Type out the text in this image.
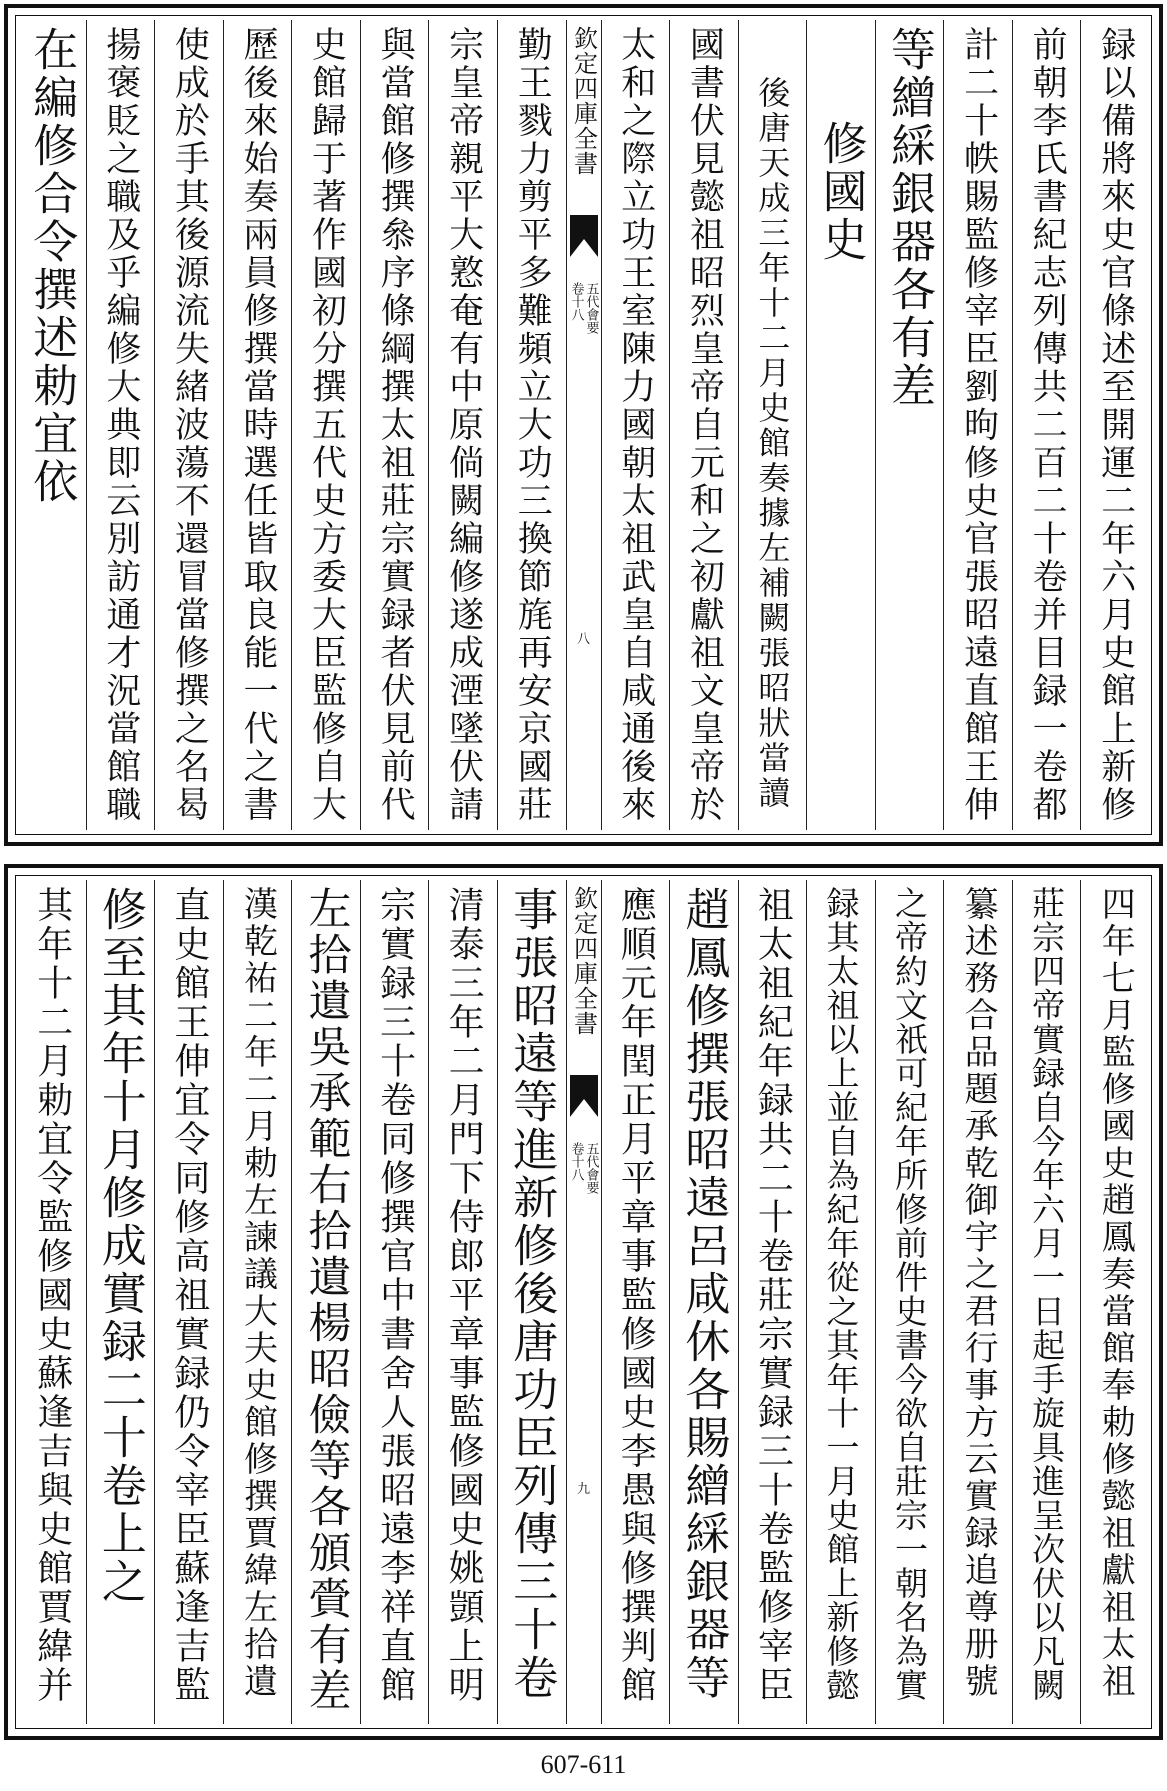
録以備將來史官條述至開運二年六月史館上新修
前朝李氏書紀志列傳共二百二十卷并目録一卷都
計二十帙賜監修宰臣劉昫修史官張昭遠直館王伸
等繒綵銀器各有差
修國史
後唐天成三年十二月史館奏據左補闕張昭狀當讀
國書伏見懿祖昭烈皇帝自元和之初獻祖文皇帝於
太和之際立功王室陳力國朝太祖武皇自咸通後來
欽定四庫全書
五代會要
卷十八
八
勤王戮力剪平多難頻立大功三換節旄再安京國莊
宗皇帝親平大憝奄有中原倘闕編修遂成湮墜伏請
與當館修撰叅序條綱撰太祖莊宗實録者伏見前代
史館歸于著作國初分撰五代史方委大臣監修自大
歷後來始奏兩員修撰當時選任皆取良能一代之書
使成於手其後源流失緒波蕩不還冒當修撰之名曷
揚褒貶之職及乎編修大典即云別訪通才況當館職
在編修合令撰述勅宜依
四年七月監修國史趙鳳奏當館奉勅修懿祖獻祖太祖
莊宗四帝實録自今年六月一日起手旋具進呈次伏以凡闕
纂述務合品題承乾御宇之君行事方云實録追尊册號
之帝約文祇可紀年所修前件史書今欲自莊宗一朝名為實
録其太祖以上並自為紀年從之其年十一月史館上新修懿
祖太祖紀年録共二十卷莊宗實録三十卷監修宰臣
趙鳳修撰張昭遠呂咸休各賜繒綵銀器等
應順元年閏正月平章事監修國史李愚與修撰判館
欽定四庫全書
五代會要
卷十八
九
事張昭遠等進新修後唐功臣列傳三十卷
清泰三年二月門下侍郎平章事監修國史姚顗上明
宗實録三十卷同修撰官中書舍人張昭遠李祥直館
左拾遺吳承範右拾遺楊昭儉等各頒賫有差
漢乾祐二年二月勅左諫議大夫史館修撰賈緯左拾遺
直史館王伸宜令同修高祖實録仍令宰臣蘇逢吉監
修至其年十月修成實録二十卷上之
其年十二月勅宜令監修國史蘇逢吉與史館賈緯并
607-611
